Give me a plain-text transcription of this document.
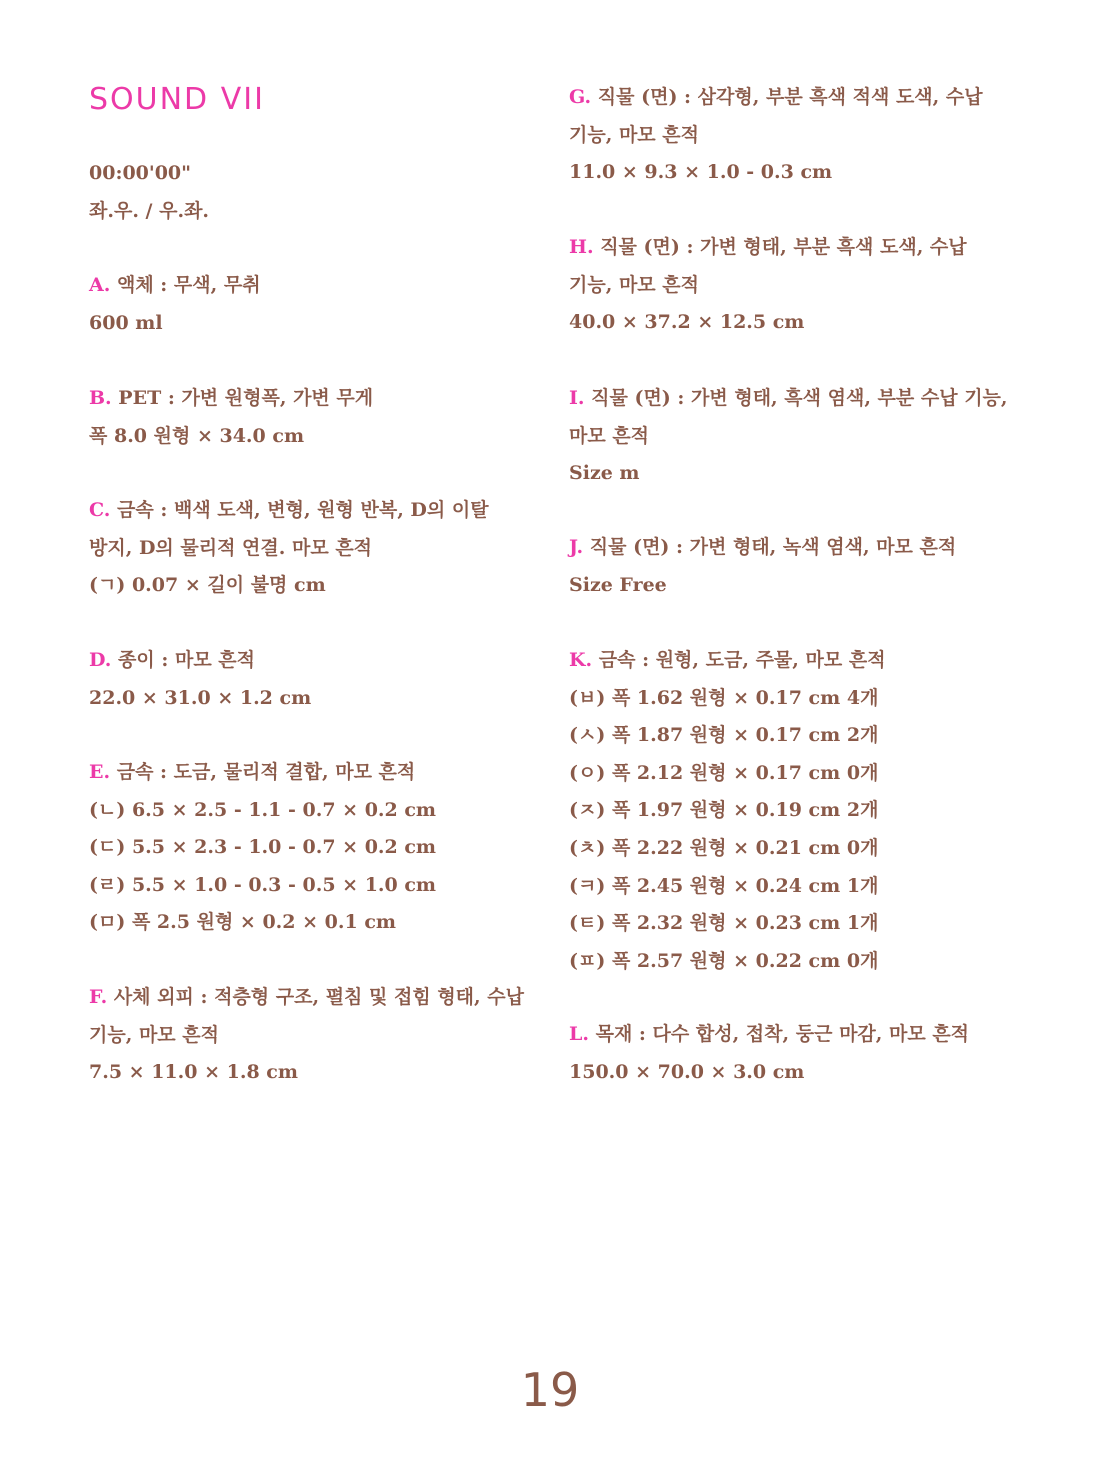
SOUND VII
00:00'00"
좌.우. / 우.좌.
A. 액체 : 무색, 무취
600 ml
B. PET : 가변 원형폭, 가변 무게
폭 8.0 원형 × 34.0 cm
C. 금속 : 백색 도색, 변형, 원형 반복, D의 이탈
방지, D의 물리적 연결. 마모 흔적
(ㄱ) 0.07 × 길이 불명 cm
D. 종이 : 마모 흔적
22.0 × 31.0 × 1.2 cm
E. 금속 : 도금, 물리적 결합, 마모 흔적
(ㄴ) 6.5 × 2.5 - 1.1 - 0.7 × 0.2 cm
(ㄷ) 5.5 × 2.3 - 1.0 - 0.7 × 0.2 cm
(ㄹ) 5.5 × 1.0 - 0.3 - 0.5 × 1.0 cm
(ㅁ) 폭 2.5 원형 × 0.2 × 0.1 cm
F. 사체 외피 : 적층형 구조, 펼침 및 접힘 형태, 수납
기능, 마모 흔적
7.5 × 11.0 × 1.8 cm
G. 직물 (면) : 삼각형, 부분 흑색 적색 도색, 수납
기능, 마모 흔적
11.0 × 9.3 × 1.0 - 0.3 cm
H. 직물 (면) : 가변 형태, 부분 흑색 도색, 수납
기능, 마모 흔적
40.0 × 37.2 × 12.5 cm
I. 직물 (면) : 가변 형태, 흑색 염색, 부분 수납 기능,
마모 흔적
Size m
J. 직물 (면) : 가변 형태, 녹색 염색, 마모 흔적
Size Free
K. 금속 : 원형, 도금, 주물, 마모 흔적
(ㅂ) 폭 1.62 원형 × 0.17 cm 4개
(ㅅ) 폭 1.87 원형 × 0.17 cm 2개
(ㅇ) 폭 2.12 원형 × 0.17 cm 0개
(ㅈ) 폭 1.97 원형 × 0.19 cm 2개
(ㅊ) 폭 2.22 원형 × 0.21 cm 0개
(ㅋ) 폭 2.45 원형 × 0.24 cm 1개
(ㅌ) 폭 2.32 원형 × 0.23 cm 1개
(ㅍ) 폭 2.57 원형 × 0.22 cm 0개
L. 목재 : 다수 합성, 접착, 둥근 마감, 마모 흔적
150.0 × 70.0 × 3.0 cm
19
